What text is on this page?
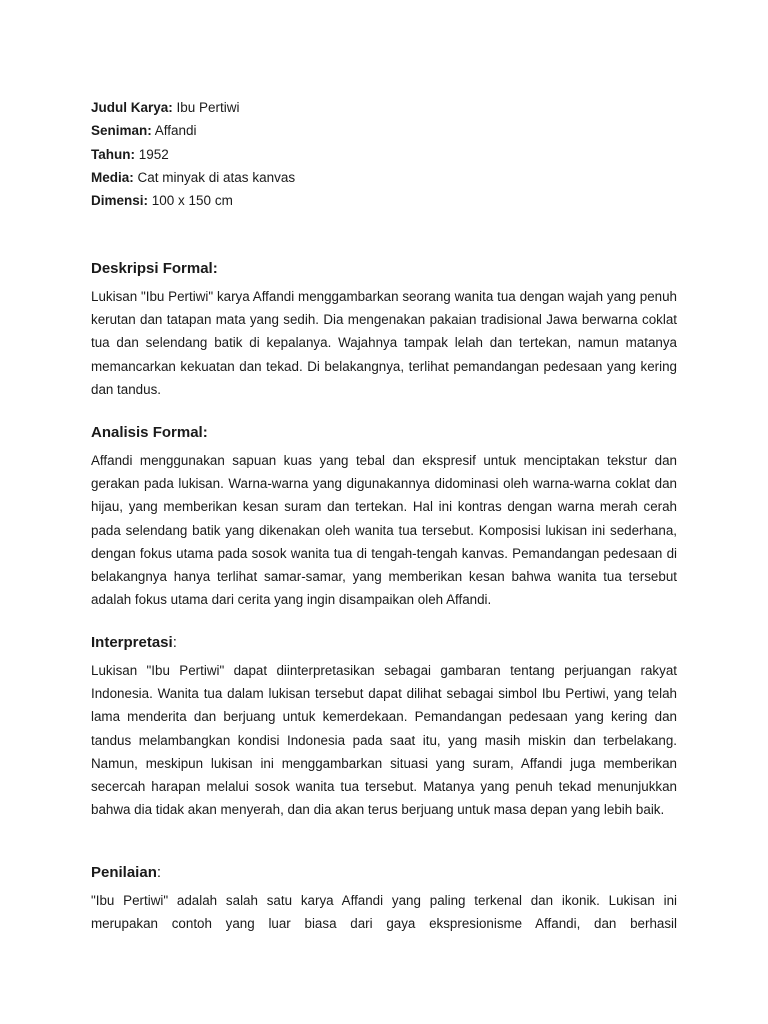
Judul Karya: Ibu Pertiwi

Seniman: Affandi

Tahun: 1952

Media: Cat minyak di atas kanvas

Dimensi: 100 x 150 cm

Deskripsi Formal:

Lukisan "Ibu Pertiwi" karya Affandi menggambarkan seorang wanita tua dengan wajah yang penuh kerutan dan tatapan mata yang sedih. Dia mengenakan pakaian tradisional Jawa berwarna coklat tua dan selendang batik di kepalanya. Wajahnya tampak lelah dan tertekan, namun matanya memancarkan kekuatan dan tekad. Di belakangnya, terlihat pemandangan pedesaan yang kering dan tandus.

Analisis Formal:

Affandi menggunakan sapuan kuas yang tebal dan ekspresif untuk menciptakan tekstur dan gerakan pada lukisan. Warna-warna yang digunakannya didominasi oleh warna-warna coklat dan hijau, yang memberikan kesan suram dan tertekan. Hal ini kontras dengan warna merah cerah pada selendang batik yang dikenakan oleh wanita tua tersebut. Komposisi lukisan ini sederhana, dengan fokus utama pada sosok wanita tua di tengah-tengah kanvas. Pemandangan pedesaan di belakangnya hanya terlihat samar-samar, yang memberikan kesan bahwa wanita tua tersebut adalah fokus utama dari cerita yang ingin disampaikan oleh Affandi.

Interpretasi:

Lukisan "Ibu Pertiwi" dapat diinterpretasikan sebagai gambaran tentang perjuangan rakyat Indonesia. Wanita tua dalam lukisan tersebut dapat dilihat sebagai simbol Ibu Pertiwi, yang telah lama menderita dan berjuang untuk kemerdekaan. Pemandangan pedesaan yang kering dan tandus melambangkan kondisi Indonesia pada saat itu, yang masih miskin dan terbelakang. Namun, meskipun lukisan ini menggambarkan situasi yang suram, Affandi juga memberikan secercah harapan melalui sosok wanita tua tersebut. Matanya yang penuh tekad menunjukkan bahwa dia tidak akan menyerah, dan dia akan terus berjuang untuk masa depan yang lebih baik.

Penilaian:

"Ibu Pertiwi" adalah salah satu karya Affandi yang paling terkenal dan ikonik. Lukisan ini merupakan contoh yang luar biasa dari gaya ekspresionisme Affandi, dan berhasil
